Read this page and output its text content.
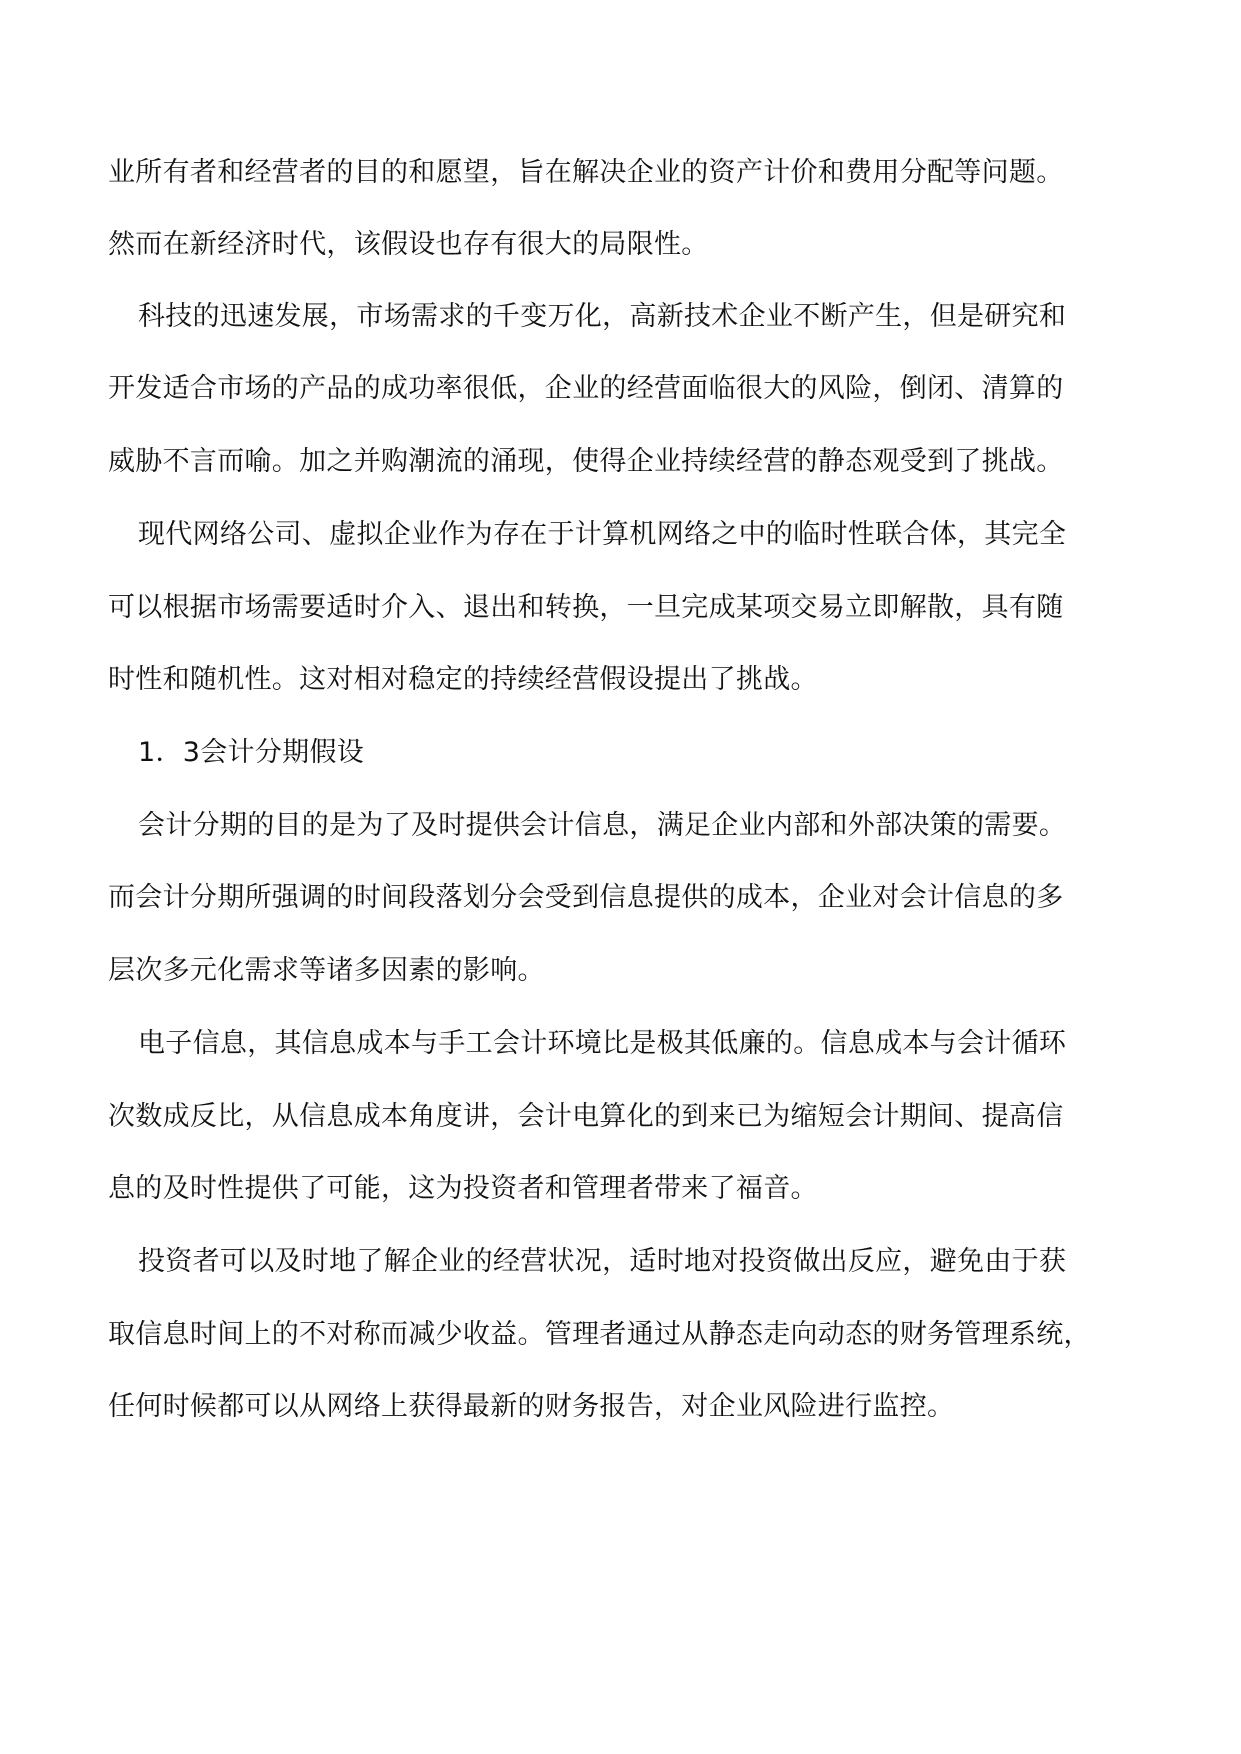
业所有者和经营者的目的和愿望，旨在解决企业的资产计价和费用分配等问题。
然而在新经济时代，该假设也存有很大的局限性。
科技的迅速发展，市场需求的千变万化，高新技术企业不断产生，但是研究和
开发适合市场的产品的成功率很低，企业的经营面临很大的风险，倒闭、清算的
威胁不言而喻。加之并购潮流的涌现，使得企业持续经营的静态观受到了挑战。
现代网络公司、虚拟企业作为存在于计算机网络之中的临时性联合体，其完全
可以根据市场需要适时介入、退出和转换，一旦完成某项交易立即解散，具有随
时性和随机性。这对相对稳定的持续经营假设提出了挑战。
1．3会计分期假设
会计分期的目的是为了及时提供会计信息，满足企业内部和外部决策的需要。
而会计分期所强调的时间段落划分会受到信息提供的成本，企业对会计信息的多
层次多元化需求等诸多因素的影响。
电子信息，其信息成本与手工会计环境比是极其低廉的。信息成本与会计循环
次数成反比，从信息成本角度讲，会计电算化的到来已为缩短会计期间、提高信
息的及时性提供了可能，这为投资者和管理者带来了福音。
投资者可以及时地了解企业的经营状况，适时地对投资做出反应，避免由于获
取信息时间上的不对称而减少收益。管理者通过从静态走向动态的财务管理系统，
任何时候都可以从网络上获得最新的财务报告，对企业风险进行监控。
